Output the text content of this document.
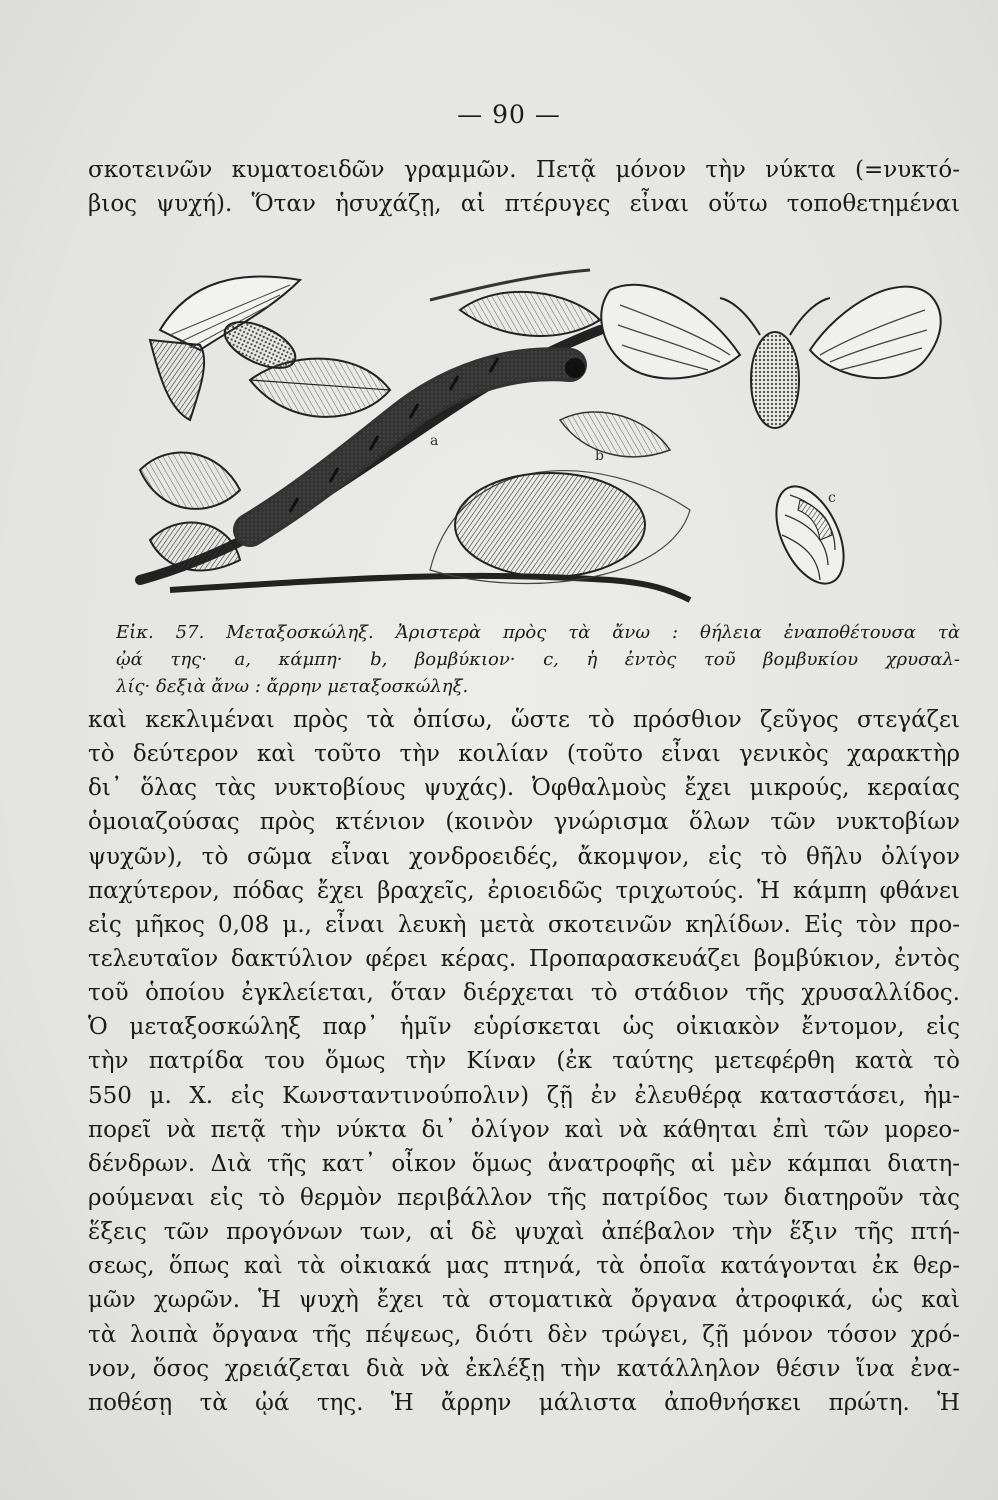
— 90 —
σκοτεινῶν κυματοειδῶν γραμμῶν. Πετᾷ μόνον τὴν νύκτα (=νυκτό-
βιος ψυχή). Ὅταν ἡσυχάζῃ, αἱ πτέρυγες εἶναι οὕτω τοποθετημέναι
a
b
c
Εἰκ. 57. Μεταξοσκώληξ. Ἀριστερὰ πρὸς τὰ ἄνω : θήλεια ἐναποθέτουσα τὰ
ᾠά της· a, κάμπη· b, βομβύκιον· c, ἡ ἐντὸς τοῦ βομβυκίου χρυσαλ-
λίς· δεξιὰ ἄνω : ἄρρην μεταξοσκώληξ.
καὶ κεκλιμέναι πρὸς τὰ ὀπίσω, ὥστε τὸ πρόσθιον ζεῦγος στεγάζει
τὸ δεύτερον καὶ τοῦτο τὴν κοιλίαν (τοῦτο εἶναι γενικὸς χαρακτὴρ
δι᾽ ὅλας τὰς νυκτοβίους ψυχάς). Ὀφθαλμοὺς ἔχει μικρούς, κεραίας
ὁμοιαζούσας πρὸς κτένιον (κοινὸν γνώρισμα ὅλων τῶν νυκτοβίων
ψυχῶν), τὸ σῶμα εἶναι χονδροειδές, ἄκομψον, εἰς τὸ θῆλυ ὀλίγον
παχύτερον, πόδας ἔχει βραχεῖς, ἐριοειδῶς τριχωτούς. Ἡ κάμπη φθάνει
εἰς μῆκος 0,08 μ., εἶναι λευκὴ μετὰ σκοτεινῶν κηλίδων. Εἰς τὸν προ-
τελευταῖον δακτύλιον φέρει κέρας. Προπαρασκευάζει βομβύκιον, ἐντὸς
τοῦ ὁποίου ἐγκλείεται, ὅταν διέρχεται τὸ στάδιον τῆς χρυσαλλίδος.
Ὁ μεταξοσκώληξ παρ᾽ ἡμῖν εὑρίσκεται ὡς οἰκιακὸν ἔντομον, εἰς
τὴν πατρίδα του ὅμως τὴν Κίναν (ἐκ ταύτης μετεφέρθη κατὰ τὸ
550 μ. Χ. εἰς Κωνσταντινούπολιν) ζῇ ἐν ἐλευθέρᾳ καταστάσει, ἠμ-
πορεῖ νὰ πετᾷ τὴν νύκτα δι᾽ ὀλίγον καὶ νὰ κάθηται ἐπὶ τῶν μορεο-
δένδρων. Διὰ τῆς κατ᾽ οἶκον ὅμως ἀνατροφῆς αἱ μὲν κάμπαι διατη-
ρούμεναι εἰς τὸ θερμὸν περιβάλλον τῆς πατρίδος των διατηροῦν τὰς
ἕξεις τῶν προγόνων των, αἱ δὲ ψυχαὶ ἀπέβαλον τὴν ἕξιν τῆς πτή-
σεως, ὅπως καὶ τὰ οἰκιακά μας πτηνά, τὰ ὁποῖα κατάγονται ἐκ θερ-
μῶν χωρῶν. Ἡ ψυχὴ ἔχει τὰ στοματικὰ ὄργανα ἀτροφικά, ὡς καὶ
τὰ λοιπὰ ὄργανα τῆς πέψεως, διότι δὲν τρώγει, ζῇ μόνον τόσον χρό-
νον, ὅσος χρειάζεται διὰ νὰ ἐκλέξῃ τὴν κατάλληλον θέσιν ἵνα ἐνα-
ποθέσῃ τὰ ᾠά της. Ἡ ἄρρην μάλιστα ἀποθνήσκει πρώτη. Ἡ
